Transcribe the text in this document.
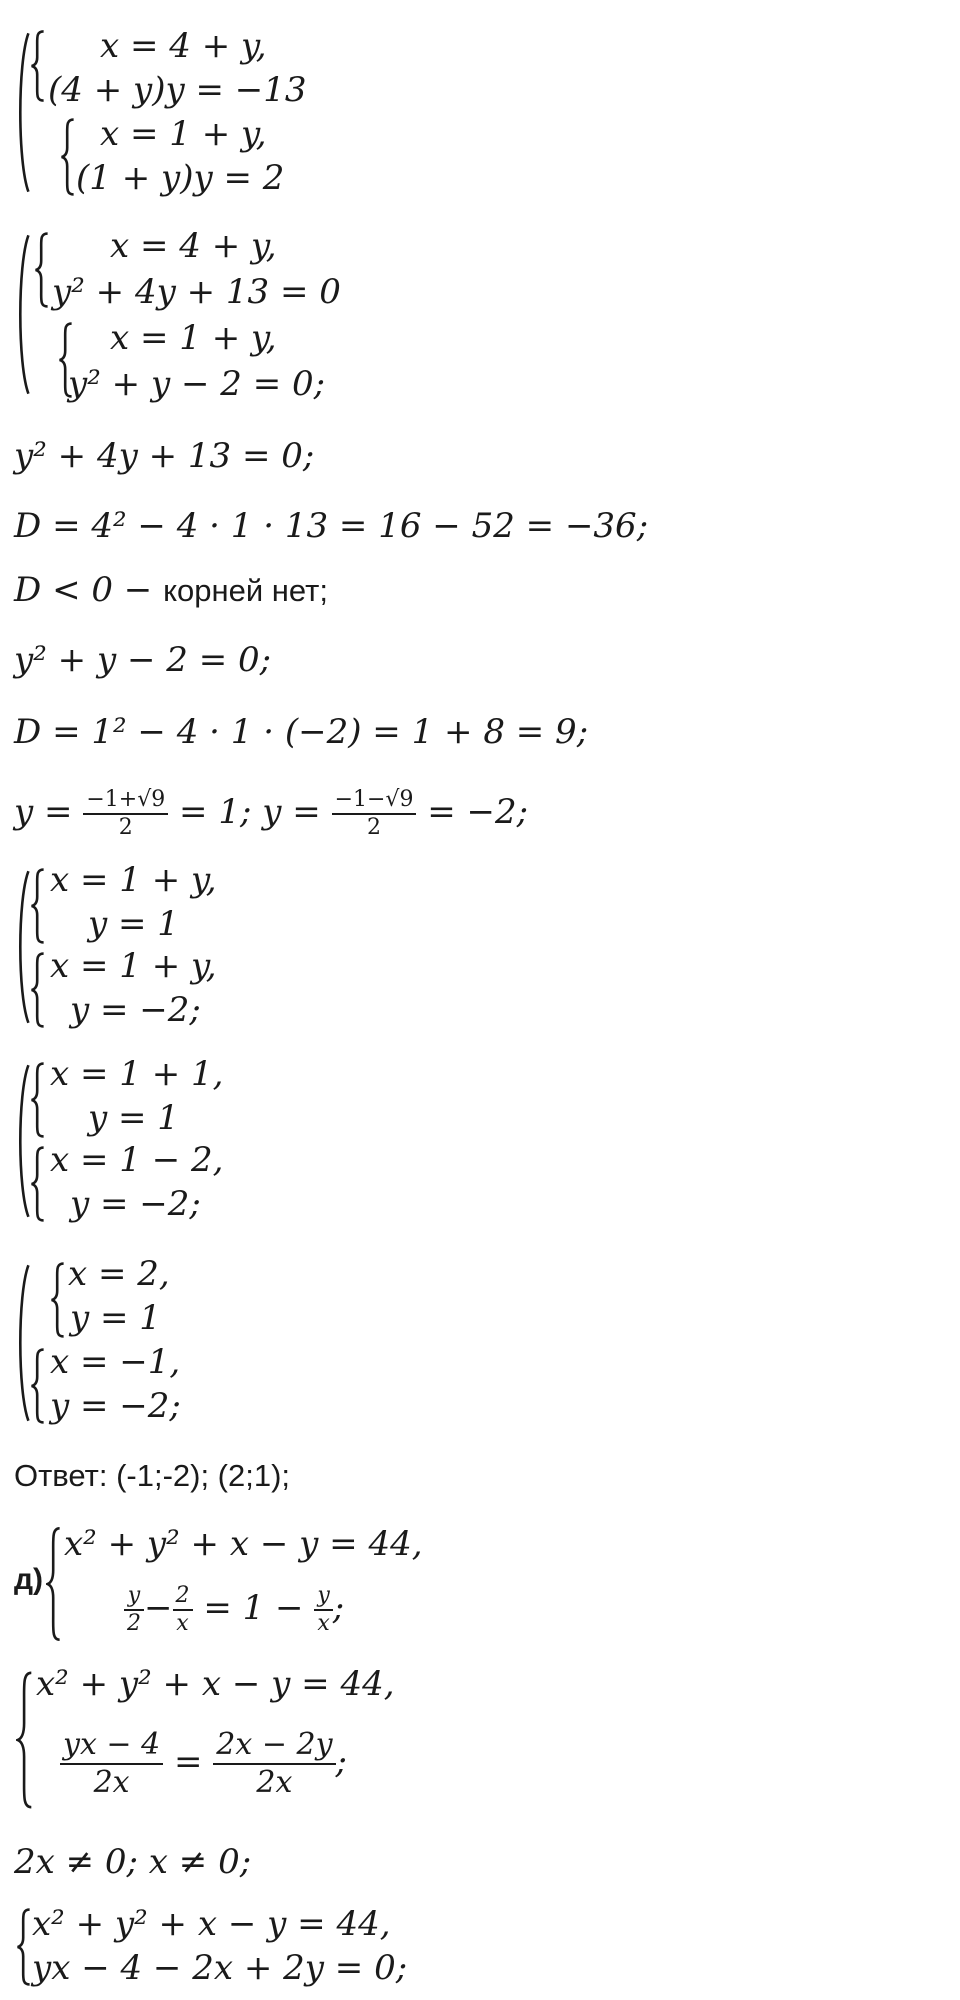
x = 4 + y,
(4 + y)y = −13
x = 1 + y,
(1 + y)y = 2
x = 4 + y,
y² + 4y + 13 = 0
x = 1 + y,
y² + y − 2 = 0;
y² + 4y + 13 = 0;
D = 4² − 4 · 1 · 13 = 16 − 52 = −36;
D < 0 − корней нет;
y² + y − 2 = 0;
D = 1² − 4 · 1 · (−2) = 1 + 8 = 9;
$y = \frac{-1+√9}{2} = 1$; $y = \frac{-1-√9}{2} = -2$;
x = 1 + y,
y = 1
x = 1 + y,
y = −2;
x = 1 + 1,
y = 1
x = 1 − 2,
y = −2;
x = 2,
y = 1
x = −1,
y = −2;
Ответ: (-1;-2); (2;1);
д)
x² + y² + x − y = 44,
$\frac{y}{2} - \frac{2}{x} = 1 - \frac{y}{x}$ ;
x² + y² + x − y = 44,
$\frac{yx - 4}{2x} = \frac{2x - 2y}{2x}$ ;
2x ≠ 0; x ≠ 0;
x² + y² + x − y = 44,
yx − 4 − 2x + 2y = 0;
